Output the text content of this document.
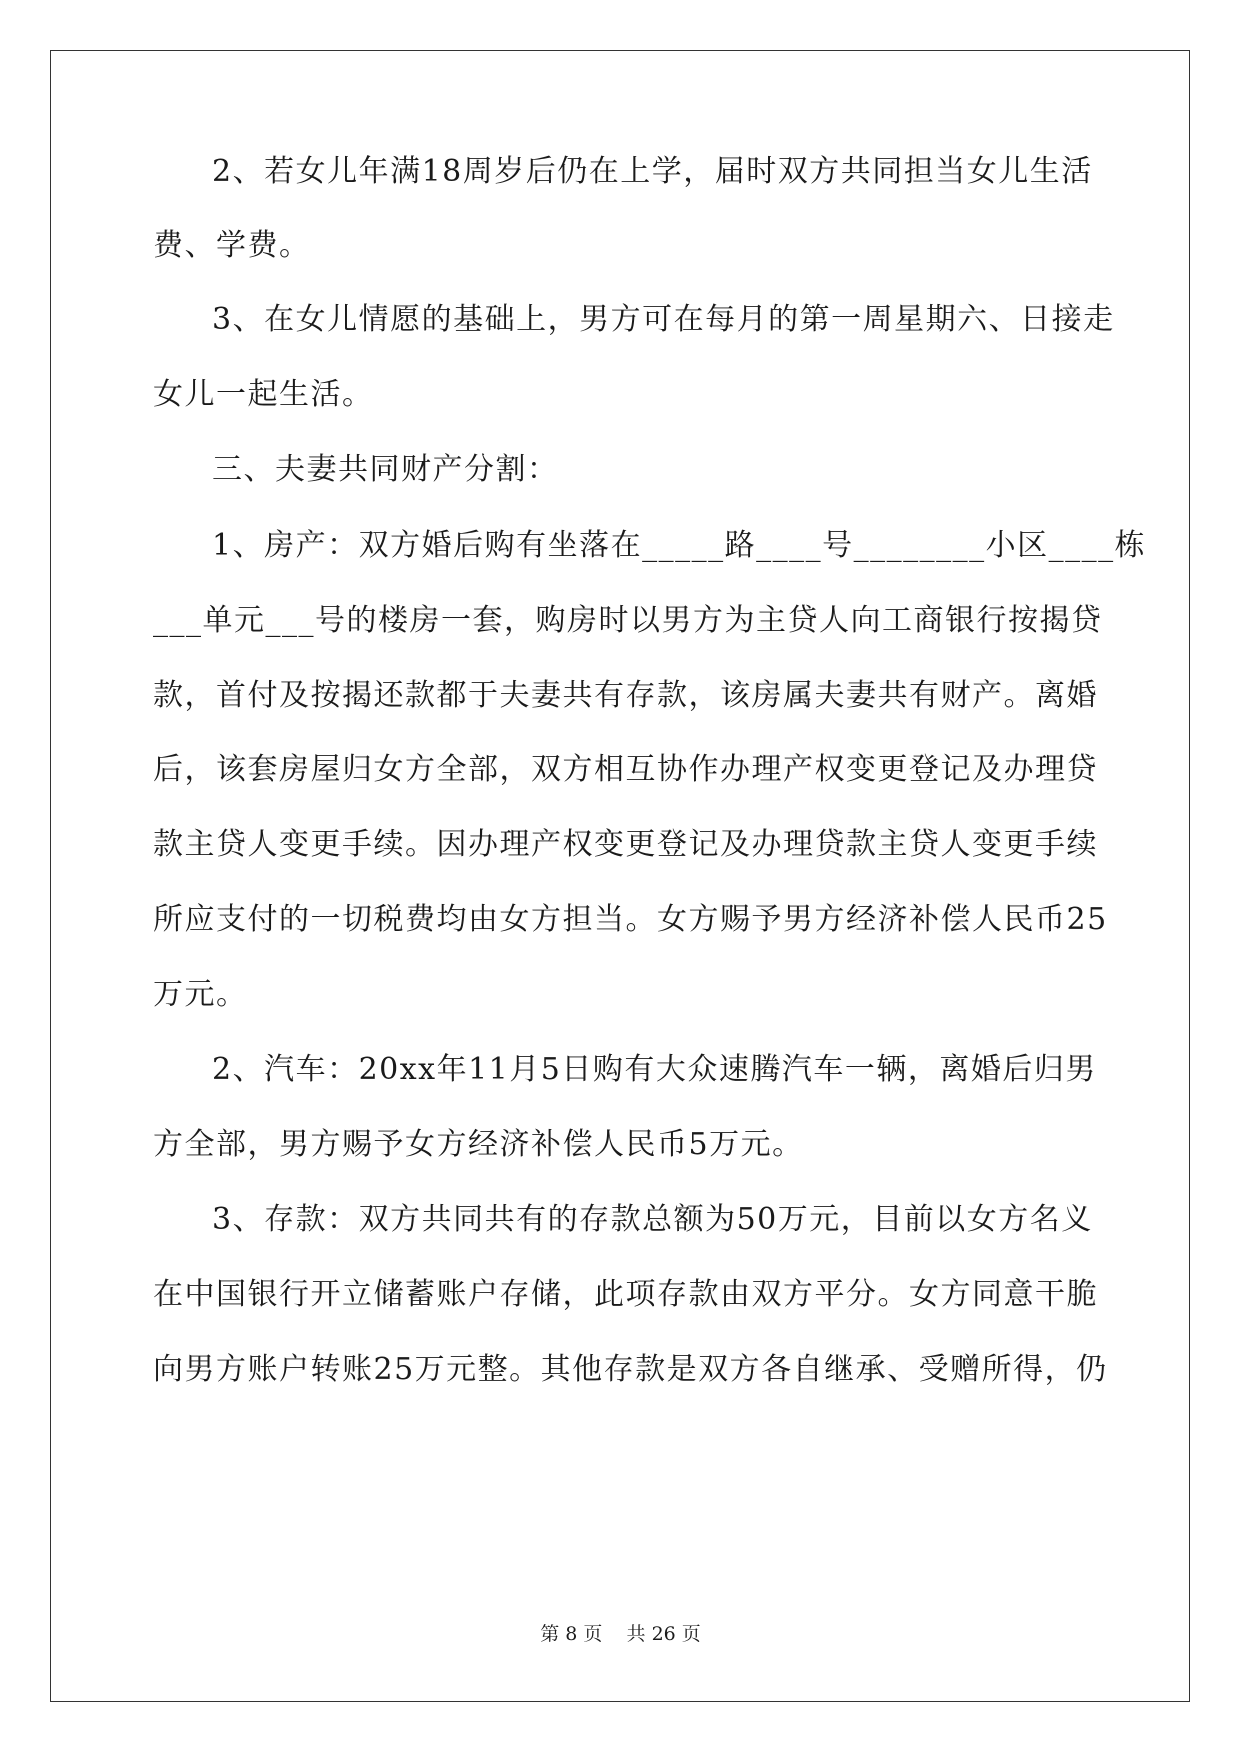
2、若女儿年满18周岁后仍在上学，届时双方共同担当女儿生活
费、学费。
3、在女儿情愿的基础上，男方可在每月的第一周星期六、日接走
女儿一起生活。
三、夫妻共同财产分割：
1、房产：双方婚后购有坐落在_____路____号________小区____栋
___单元___号的楼房一套，购房时以男方为主贷人向工商银行按揭贷
款，首付及按揭还款都于夫妻共有存款，该房属夫妻共有财产。离婚
后，该套房屋归女方全部，双方相互协作办理产权变更登记及办理贷
款主贷人变更手续。因办理产权变更登记及办理贷款主贷人变更手续
所应支付的一切税费均由女方担当。女方赐予男方经济补偿人民币25
万元。
2、汽车：20xx年11月5日购有大众速腾汽车一辆，离婚后归男
方全部，男方赐予女方经济补偿人民币5万元。
3、存款：双方共同共有的存款总额为50万元，目前以女方名义
在中国银行开立储蓄账户存储，此项存款由双方平分。女方同意干脆
向男方账户转账25万元整。其他存款是双方各自继承、受赠所得，仍
第 8 页    共 26 页
